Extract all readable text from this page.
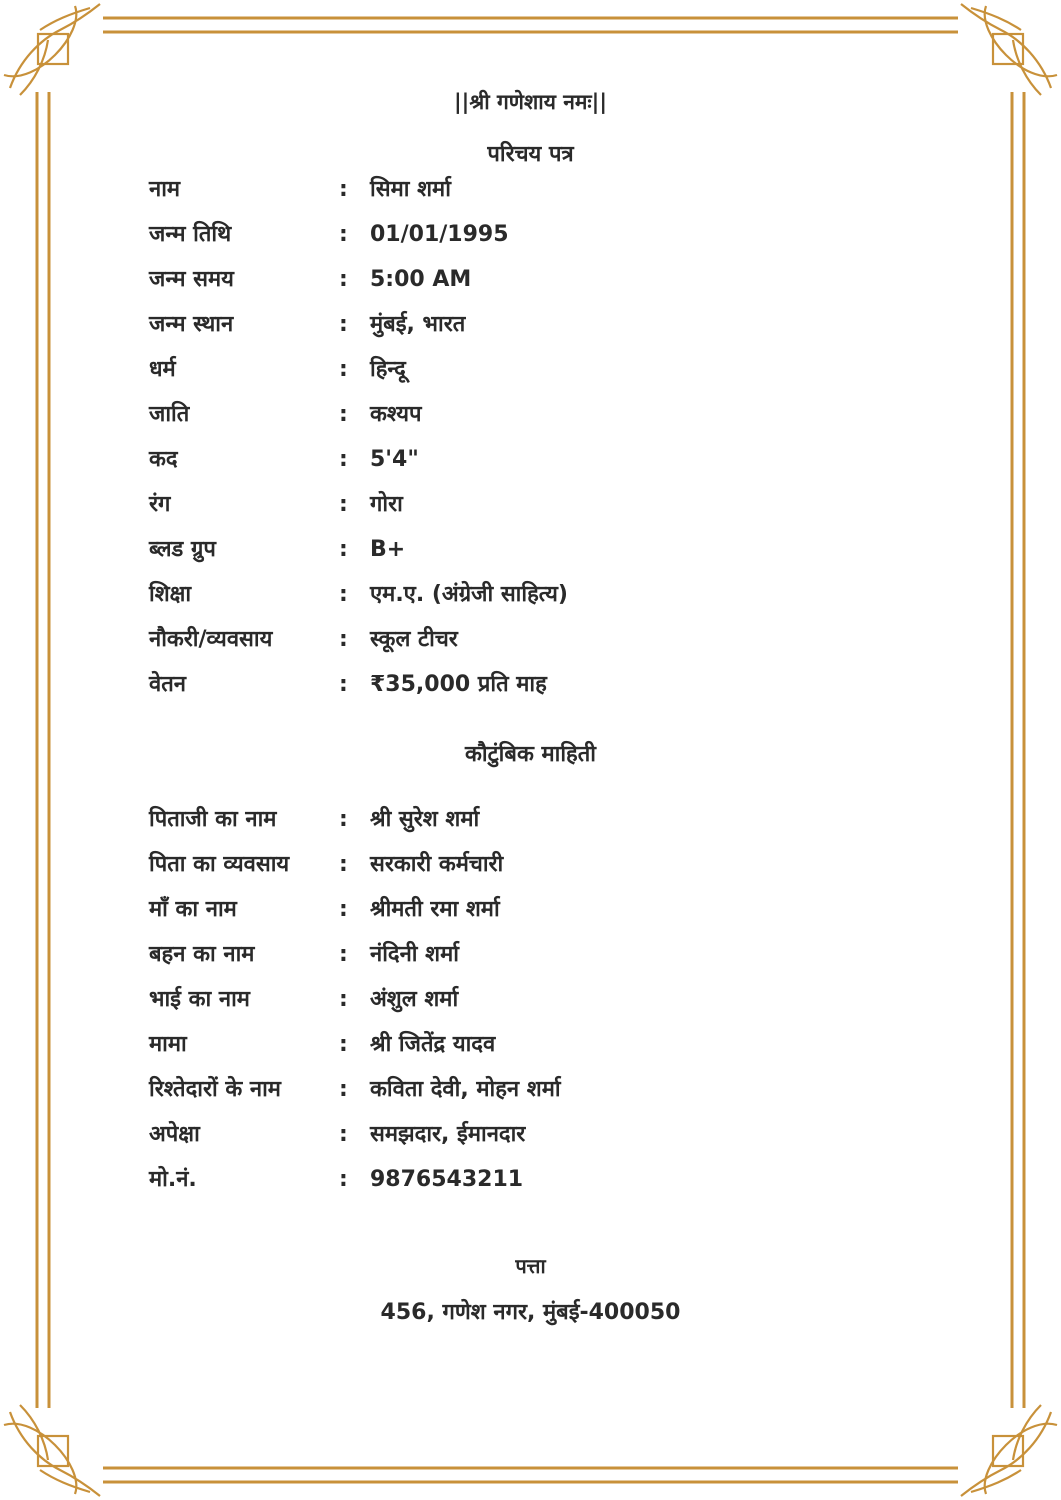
||श्री गणेशाय नमः||
परिचय पत्र
नाम	:	सिमा शर्मा
जन्म तिथि	:	01/01/1995
जन्म समय	:	5:00 AM
जन्म स्थान	:	मुंबई, भारत
धर्म	:	हिन्दू
जाति	:	कश्यप
कद	:	5'4"
रंग	:	गोरा
ब्लड ग्रुप	:	B+
शिक्षा	:	एम.ए. (अंग्रेजी साहित्य)
नौकरी/व्यवसाय	:	स्कूल टीचर
वेतन	:	₹35,000 प्रति माह
कौटुंबिक माहिती
पिताजी का नाम	:	श्री सुरेश शर्मा
पिता का व्यवसाय	:	सरकारी कर्मचारी
माँ का नाम	:	श्रीमती रमा शर्मा
बहन का नाम	:	नंदिनी शर्मा
भाई का नाम	:	अंशुल शर्मा
मामा	:	श्री जितेंद्र यादव
रिश्तेदारों के नाम	:	कविता देवी, मोहन शर्मा
अपेक्षा	:	समझदार, ईमानदार
मो.नं.	:	9876543211
पत्ता
456, गणेश नगर, मुंबई-400050
